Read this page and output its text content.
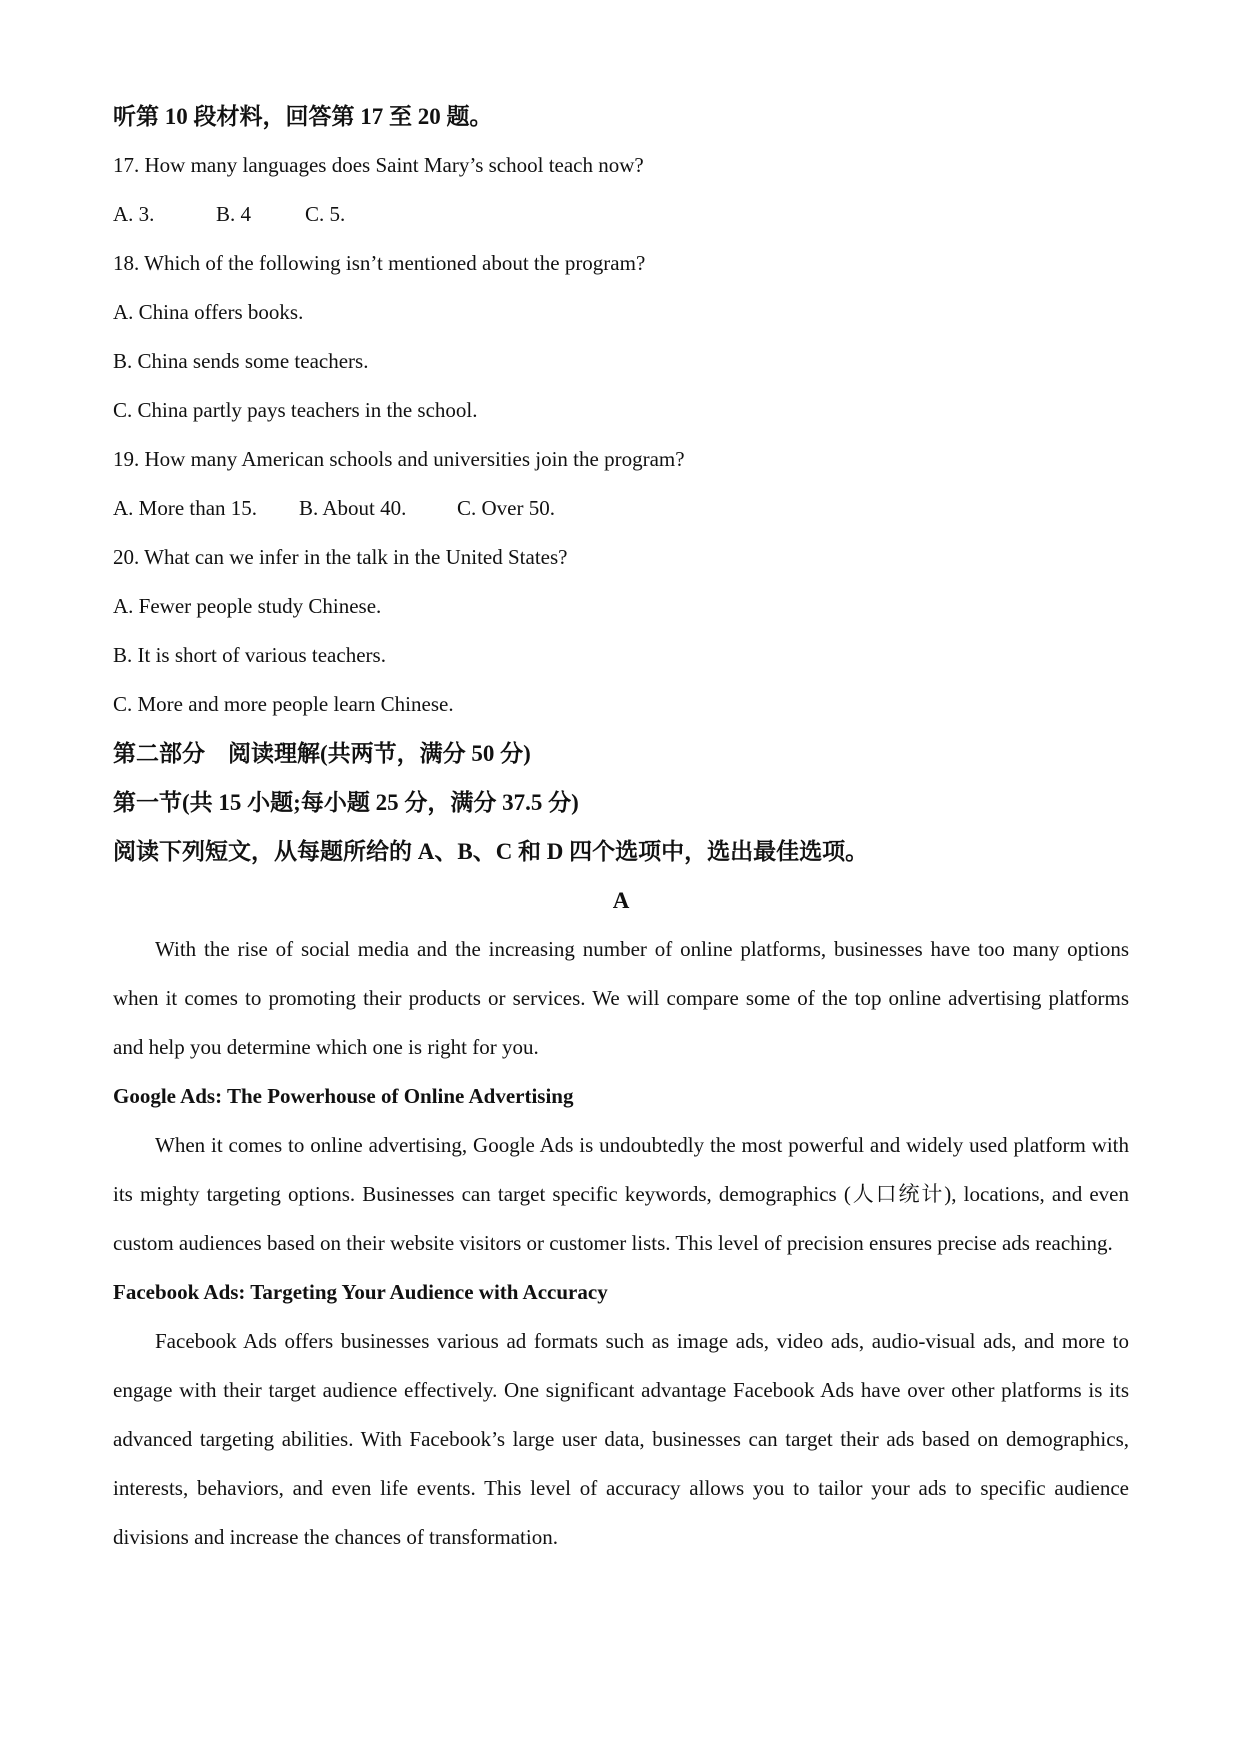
听第 10 段材料，回答第 17 至 20 题。

17. How many languages does Saint Mary’s school teach now?

A. 3.	B. 4	C. 5.

18. Which of the following isn’t mentioned about the program?

A. China offers books.

B. China sends some teachers.

C. China partly pays teachers in the school.

19. How many American schools and universities join the program?

A. More than 15. B. About 40. C. Over 50.

20. What can we infer in the talk in the United States?

A. Fewer people study Chinese.

B. It is short of various teachers.

C. More and more people learn Chinese.

第二部分　阅读理解(共两节，满分 50 分)

第一节(共 15 小题;每小题 25 分，满分 37.5 分)

阅读下列短文，从每题所给的 A、B、C 和 D 四个选项中，选出最佳选项。

A

With the rise of social media and the increasing number of online platforms, businesses have too many options when it comes to promoting their products or services. We will compare some of the top online advertising platforms and help you determine which one is right for you.

Google Ads: The Powerhouse of Online Advertising

When it comes to online advertising, Google Ads is undoubtedly the most powerful and widely used platform with its mighty targeting options. Businesses can target specific keywords, demographics (人口统计), locations, and even custom audiences based on their website visitors or customer lists. This level of precision ensures precise ads reaching.

Facebook Ads: Targeting Your Audience with Accuracy

Facebook Ads offers businesses various ad formats such as image ads, video ads, audio-visual ads, and more to engage with their target audience effectively. One significant advantage Facebook Ads have over other platforms is its advanced targeting abilities. With Facebook’s large user data, businesses can target their ads based on demographics, interests, behaviors, and even life events. This level of accuracy allows you to tailor your ads to specific audience divisions and increase the chances of transformation.
